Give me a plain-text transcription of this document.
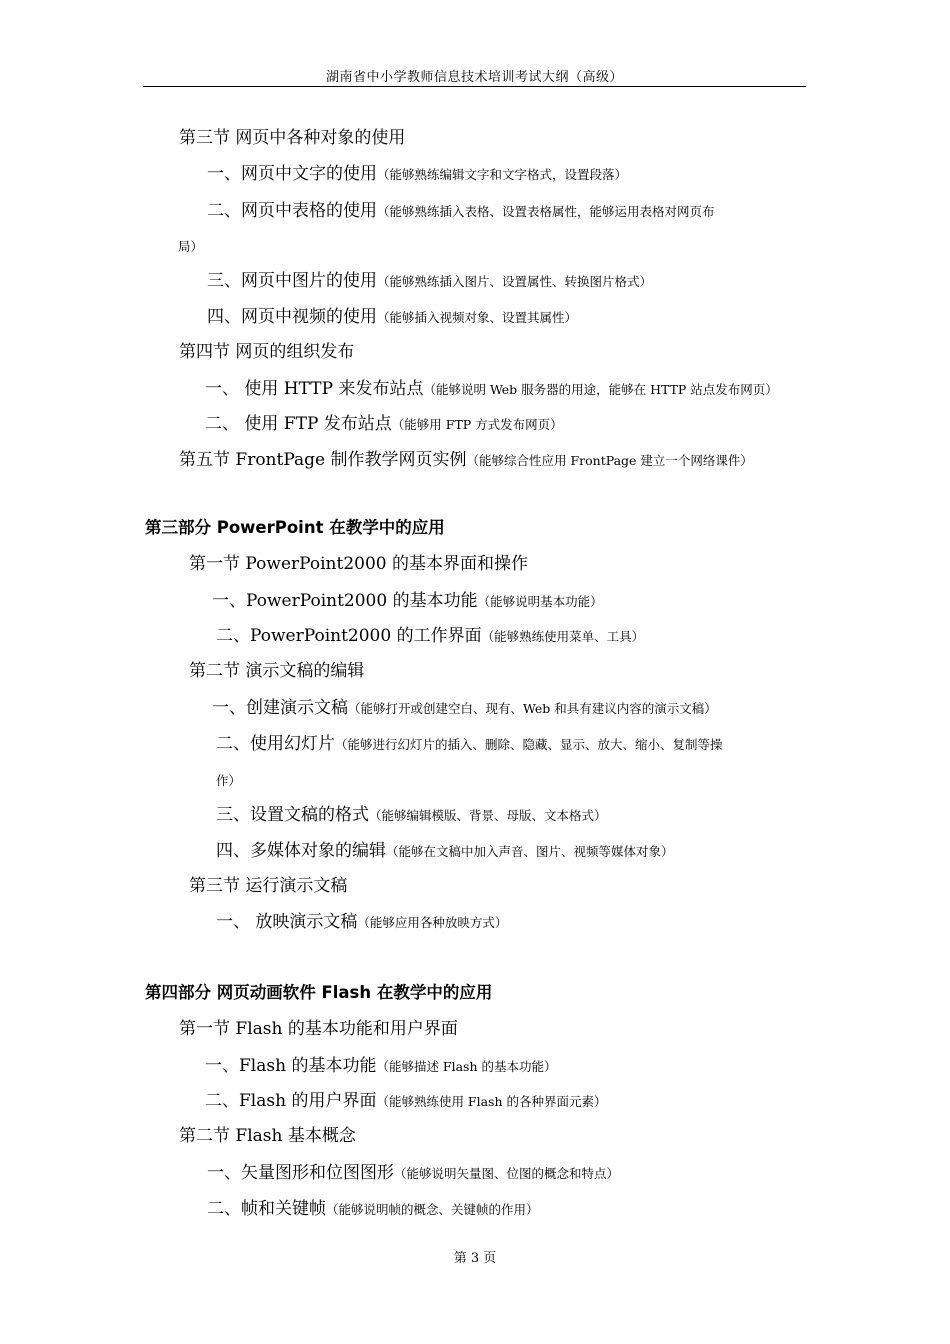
湖南省中小学教师信息技术培训考试大纲（高级）
第三节 网页中各种对象的使用
一、网页中文字的使用（能够熟练编辑文字和文字格式，设置段落）
二、网页中表格的使用（能够熟练插入表格、设置表格属性，能够运用表格对网页布
局）
三、网页中图片的使用（能够熟练插入图片、设置属性、转换图片格式）
四、网页中视频的使用（能够插入视频对象、设置其属性）
第四节 网页的组织发布
一、 使用 HTTP 来发布站点（能够说明 Web 服务器的用途，能够在 HTTP 站点发布网页）
二、 使用 FTP 发布站点（能够用 FTP 方式发布网页）
第五节 FrontPage 制作教学网页实例（能够综合性应用 FrontPage 建立一个网络课件）
第三部分 PowerPoint 在教学中的应用
第一节 PowerPoint2000 的基本界面和操作
一、PowerPoint2000 的基本功能（能够说明基本功能）
二、PowerPoint2000 的工作界面（能够熟练使用菜单、工具）
第二节 演示文稿的编辑
一、创建演示文稿（能够打开或创建空白、现有、Web 和具有建议内容的演示文稿）
二、使用幻灯片（能够进行幻灯片的插入、删除、隐藏、显示、放大、缩小、复制等操
作）
三、设置文稿的格式（能够编辑模版、背景、母版、文本格式）
四、多媒体对象的编辑（能够在文稿中加入声音、图片、视频等媒体对象）
第三节 运行演示文稿
一、 放映演示文稿（能够应用各种放映方式）
第四部分 网页动画软件 Flash 在教学中的应用
第一节 Flash 的基本功能和用户界面
一、Flash 的基本功能（能够描述 Flash 的基本功能）
二、Flash 的用户界面（能够熟练使用 Flash 的各种界面元素）
第二节 Flash 基本概念
一、矢量图形和位图图形（能够说明矢量图、位图的概念和特点）
二、帧和关键帧（能够说明帧的概念、关键帧的作用）
第 3 页
